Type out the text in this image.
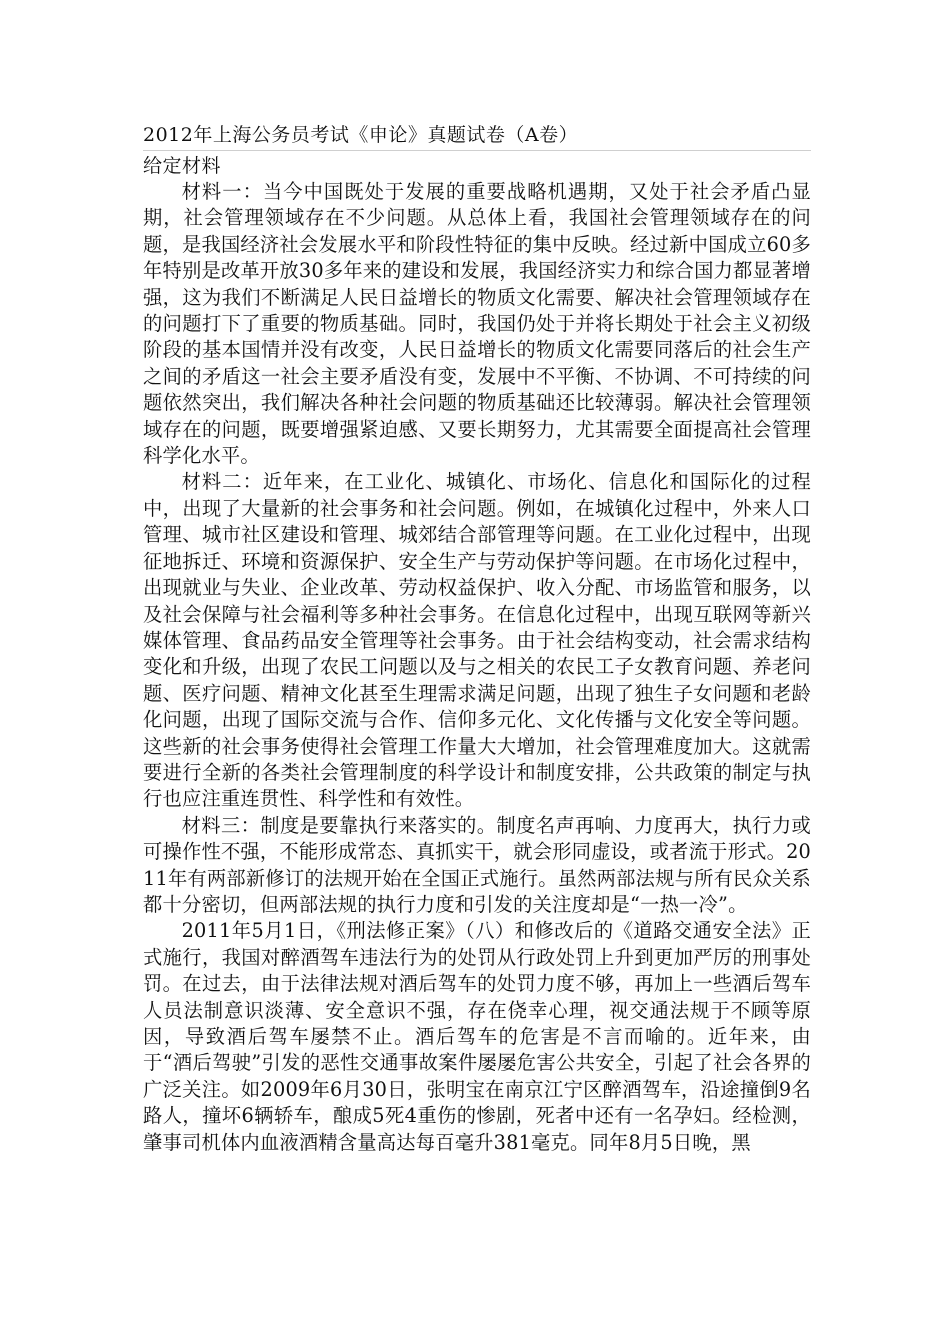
2012年上海公务员考试《申论》真题试卷（A卷）
给定材料

材料一：当今中国既处于发展的重要战略机遇期，又处于社会矛盾凸显期，社会管理领域存在不少问题。从总体上看，我国社会管理领域存在的问题，是我国经济社会发展水平和阶段性特征的集中反映。经过新中国成立60多年特别是改革开放30多年来的建设和发展，我国经济实力和综合国力都显著增强，这为我们不断满足人民日益增长的物质文化需要、解决社会管理领域存在的问题打下了重要的物质基础。同时，我国仍处于并将长期处于社会主义初级阶段的基本国情并没有改变，人民日益增长的物质文化需要同落后的社会生产之间的矛盾这一社会主要矛盾没有变，发展中不平衡、不协调、不可持续的问题依然突出，我们解决各种社会问题的物质基础还比较薄弱。解决社会管理领域存在的问题，既要增强紧迫感、又要长期努力，尤其需要全面提高社会管理科学化水平。

材料二：近年来，在工业化、城镇化、市场化、信息化和国际化的过程中，出现了大量新的社会事务和社会问题。例如，在城镇化过程中，外来人口管理、城市社区建设和管理、城郊结合部管理等问题。在工业化过程中，出现征地拆迁、环境和资源保护、安全生产与劳动保护等问题。在市场化过程中，出现就业与失业、企业改革、劳动权益保护、收入分配、市场监管和服务，以及社会保障与社会福利等多种社会事务。在信息化过程中，出现互联网等新兴媒体管理、食品药品安全管理等社会事务。由于社会结构变动，社会需求结构变化和升级，出现了农民工问题以及与之相关的农民工子女教育问题、养老问题、医疗问题、精神文化甚至生理需求满足问题，出现了独生子女问题和老龄化问题，出现了国际交流与合作、信仰多元化、文化传播与文化安全等问题。这些新的社会事务使得社会管理工作量大大增加，社会管理难度加大。这就需要进行全新的各类社会管理制度的科学设计和制度安排，公共政策的制定与执行也应注重连贯性、科学性和有效性。

材料三：制度是要靠执行来落实的。制度名声再响、力度再大，执行力或可操作性不强，不能形成常态、真抓实干，就会形同虚设，或者流于形式。2011年有两部新修订的法规开始在全国正式施行。虽然两部法规与所有民众关系都十分密切，但两部法规的执行力度和引发的关注度却是“一热一冷”。

2011年5月1日，《刑法修正案》（八）和修改后的《道路交通安全法》正式施行，我国对醉酒驾车违法行为的处罚从行政处罚上升到更加严厉的刑事处罚。在过去，由于法律法规对酒后驾车的处罚力度不够，再加上一些酒后驾车人员法制意识淡薄、安全意识不强，存在侥幸心理，视交通法规于不顾等原因，导致酒后驾车屡禁不止。酒后驾车的危害是不言而喻的。近年来，由于“酒后驾驶”引发的恶性交通事故案件屡屡危害公共安全，引起了社会各界的广泛关注。如2009年6月30日，张明宝在南京江宁区醉酒驾车，沿途撞倒9名路人，撞坏6辆轿车，酿成5死4重伤的惨剧，死者中还有一名孕妇。经检测，肇事司机体内血液酒精含量高达每百毫升381毫克。同年8月5日晚，黑
